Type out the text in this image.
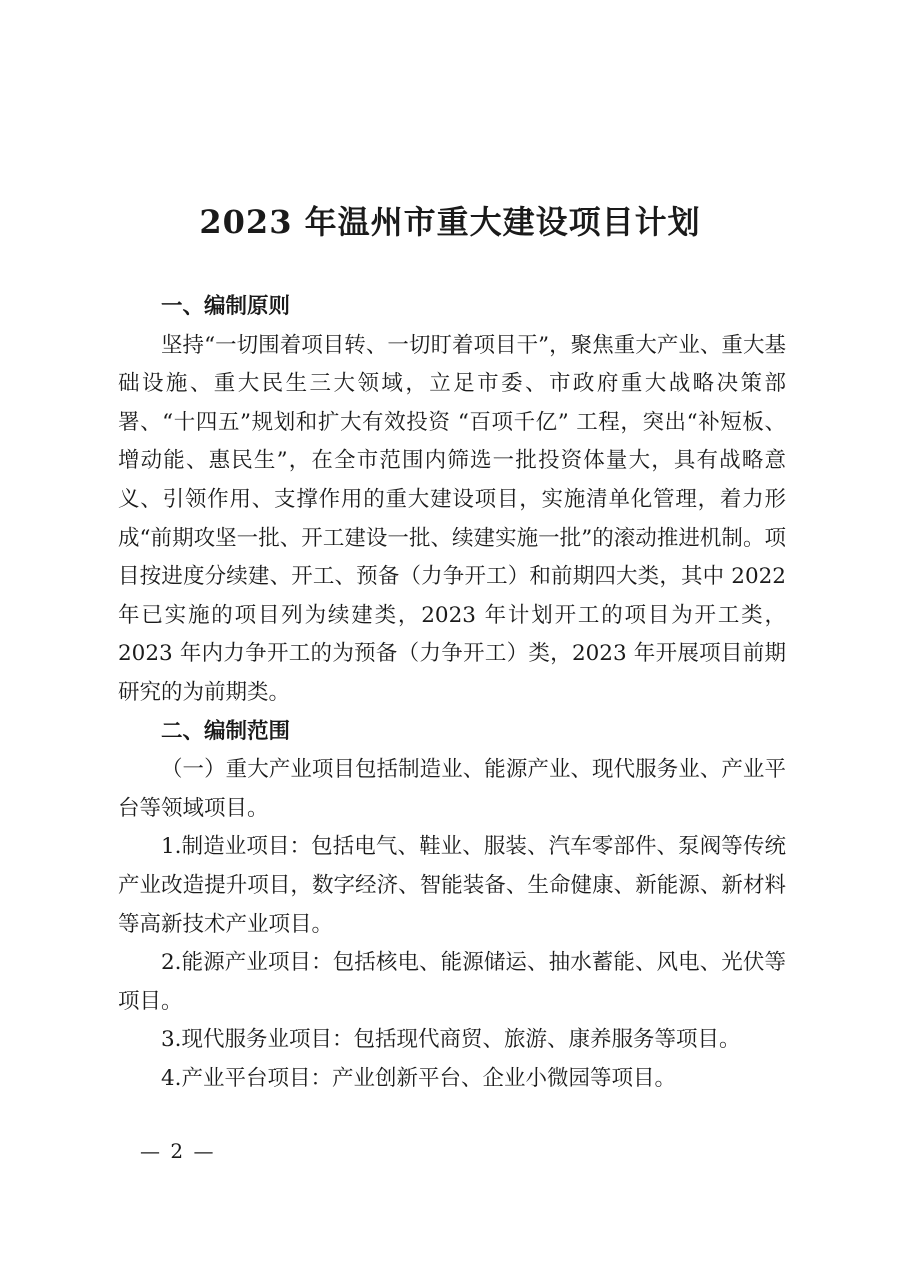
2023 年温州市重大建设项目计划

一、编制原则

坚持“一切围着项目转、一切盯着项目干”，聚焦重大产业、重大基础设施、重大民生三大领域，立足市委、市政府重大战略决策部署、“十四五”规划和扩大有效投资 “百项千亿” 工程，突出“补短板、增动能、惠民生”，在全市范围内筛选一批投资体量大，具有战略意义、引领作用、支撑作用的重大建设项目，实施清单化管理，着力形成“前期攻坚一批、开工建设一批、续建实施一批”的滚动推进机制。项目按进度分续建、开工、预备（力争开工）和前期四大类，其中 2022 年已实施的项目列为续建类，2023 年计划开工的项目为开工类，2023 年内力争开工的为预备（力争开工）类，2023 年开展项目前期研究的为前期类。

二、编制范围

（一）重大产业项目包括制造业、能源产业、现代服务业、产业平台等领域项目。

1.制造业项目：包括电气、鞋业、服装、汽车零部件、泵阀等传统产业改造提升项目，数字经济、智能装备、生命健康、新能源、新材料等高新技术产业项目。

2.能源产业项目：包括核电、能源储运、抽水蓄能、风电、光伏等项目。

3.现代服务业项目：包括现代商贸、旅游、康养服务等项目。

4.产业平台项目：产业创新平台、企业小微园等项目。

— 2 —
